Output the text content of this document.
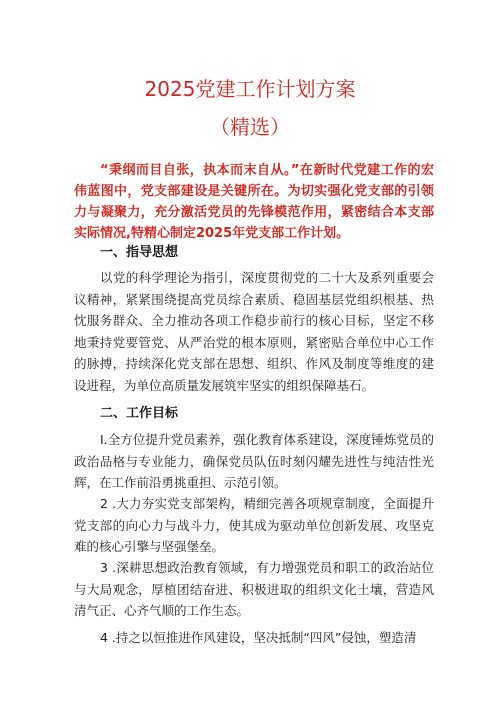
2025党建工作计划方案
（精选）
“秉纲而目自张，执本而末自从。”在新时代党建工作的宏伟蓝图中，党支部建设是关键所在。为切实强化党支部的引领力与凝聚力，充分激活党员的先锋模范作用，紧密结合本支部实际情况,特精心制定2025年党支部工作计划。
一、指导思想
以党的科学理论为指引，深度贯彻党的二十大及系列重要会议精神，紧紧围绕提高党员综合素质、稳固基层党组织根基、热忱服务群众、全力推动各项工作稳步前行的核心目标，坚定不移地秉持党要管党、从严治党的根本原则，紧密贴合单位中心工作的脉搏，持续深化党支部在思想、组织、作风及制度等维度的建设进程，为单位高质量发展筑牢坚实的组织保障基石。
二、工作目标
I.全方位提升党员素养，强化教育体系建设，深度锤炼党员的政治品格与专业能力，确保党员队伍时刻闪耀先进性与纯洁性光辉，在工作前沿勇挑重担、示范引领。
2 .大力夯实党支部架构，精细完善各项规章制度，全面提升党支部的向心力与战斗力，使其成为驱动单位创新发展、攻坚克难的核心引擎与坚强堡垒。
3 .深耕思想政治教育领域，有力增强党员和职工的政治站位与大局观念，厚植团结奋进、积极进取的组织文化土壤，营造风清气正、心齐气顺的工作生态。
4 .持之以恒推进作风建设，坚决抵制“四风”侵蚀，塑造清
